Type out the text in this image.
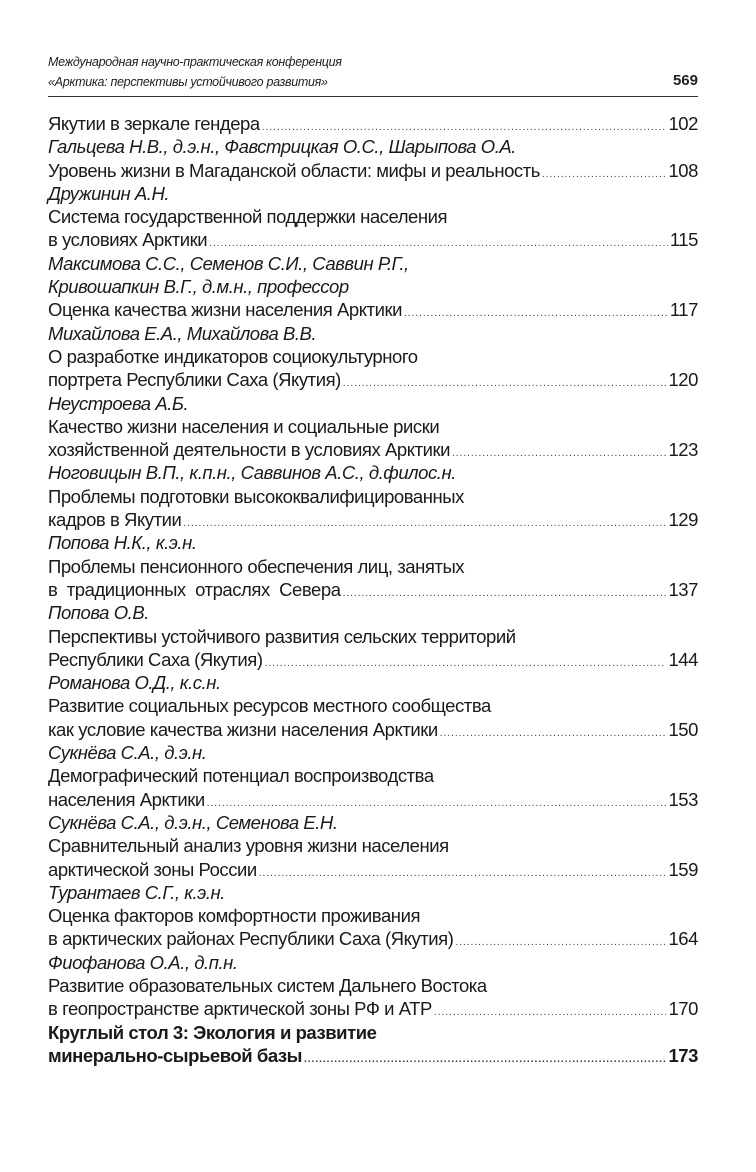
Международная научно-практическая конференция
«Арктика: перспективы устойчивого развития»	569
Якутии в зеркале гендера .....	102
Гальцева Н.В., д.э.н., Фавстрицкая О.С., Шарыпова О.А.
Уровень жизни в Магаданской области: мифы и реальность .....	108
Дружинин А.Н.
Система государственной поддержки населения
в условиях Арктики .....	115
Максимова С.С., Семенов С.И., Саввин Р.Г.,
Кривошапкин В.Г., д.м.н., профессор
Оценка качества жизни населения Арктики .....	117
Михайлова Е.А., Михайлова В.В.
О разработке индикаторов социокультурного
портрета Республики Саха (Якутия) .....	120
Неустроева А.Б.
Качество жизни населения и социальные риски
хозяйственной деятельности в условиях Арктики .....	123
Ноговицын В.П., к.п.н., Саввинов А.С., д.филос.н.
Проблемы подготовки высококвалифицированных
кадров в Якутии .....	129
Попова Н.К., к.э.н.
Проблемы пенсионного обеспечения лиц, занятых
в  традиционных  отраслях  Севера .....	137
Попова О.В.
Перспективы устойчивого развития сельских территорий
Республики Саха (Якутия) .....	144
Романова О.Д., к.с.н.
Развитие социальных ресурсов местного сообщества
как условие качества жизни населения Арктики .....	150
Сукнёва С.А., д.э.н.
Демографический потенциал воспроизводства
населения Арктики .....	153
Сукнёва С.А., д.э.н., Семенова Е.Н.
Сравнительный анализ уровня жизни населения
арктической зоны России .....	159
Турантаев С.Г., к.э.н.
Оценка факторов комфортности проживания
в арктических районах Республики Саха (Якутия) .....	164
Фиофанова О.А., д.п.н.
Развитие образовательных систем Дальнего Востока
в геопространстве арктической зоны РФ и АТР .....	170
Круглый стол 3: Экология и развитие
минерально-сырьевой базы .....	173
